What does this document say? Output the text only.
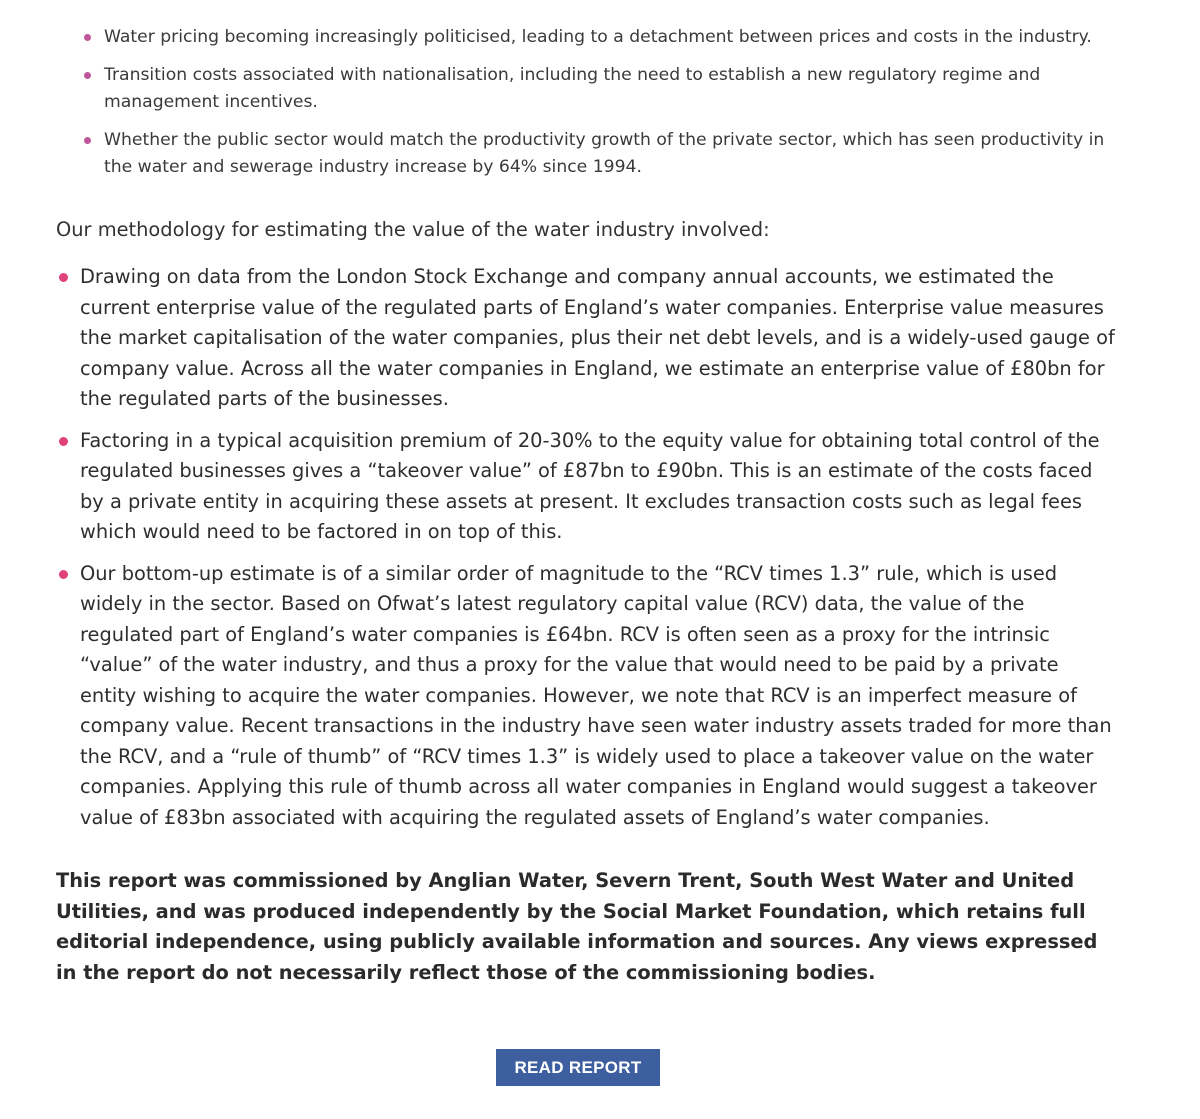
Water pricing becoming increasingly politicised, leading to a detachment between prices and costs in the industry.
Transition costs associated with nationalisation, including the need to establish a new regulatory regime and management incentives.
Whether the public sector would match the productivity growth of the private sector, which has seen productivity in the water and sewerage industry increase by 64% since 1994.

Our methodology for estimating the value of the water industry involved:

Drawing on data from the London Stock Exchange and company annual accounts, we estimated the current enterprise value of the regulated parts of England’s water companies. Enterprise value measures the market capitalisation of the water companies, plus their net debt levels, and is a widely-used gauge of company value. Across all the water companies in England, we estimate an enterprise value of £80bn for the regulated parts of the businesses.
Factoring in a typical acquisition premium of 20-30% to the equity value for obtaining total control of the regulated businesses gives a “takeover value” of £87bn to £90bn. This is an estimate of the costs faced by a private entity in acquiring these assets at present. It excludes transaction costs such as legal fees which would need to be factored in on top of this.
Our bottom-up estimate is of a similar order of magnitude to the “RCV times 1.3” rule, which is used widely in the sector. Based on Ofwat’s latest regulatory capital value (RCV) data, the value of the regulated part of England’s water companies is £64bn. RCV is often seen as a proxy for the intrinsic “value” of the water industry, and thus a proxy for the value that would need to be paid by a private entity wishing to acquire the water companies. However, we note that RCV is an imperfect measure of company value. Recent transactions in the industry have seen water industry assets traded for more than the RCV, and a “rule of thumb” of “RCV times 1.3” is widely used to place a takeover value on the water companies. Applying this rule of thumb across all water companies in England would suggest a takeover value of £83bn associated with acquiring the regulated assets of England’s water companies.

This report was commissioned by Anglian Water, Severn Trent, South West Water and United Utilities, and was produced independently by the Social Market Foundation, which retains full editorial independence, using publicly available information and sources. Any views expressed in the report do not necessarily reflect those of the commissioning bodies.

READ REPORT
